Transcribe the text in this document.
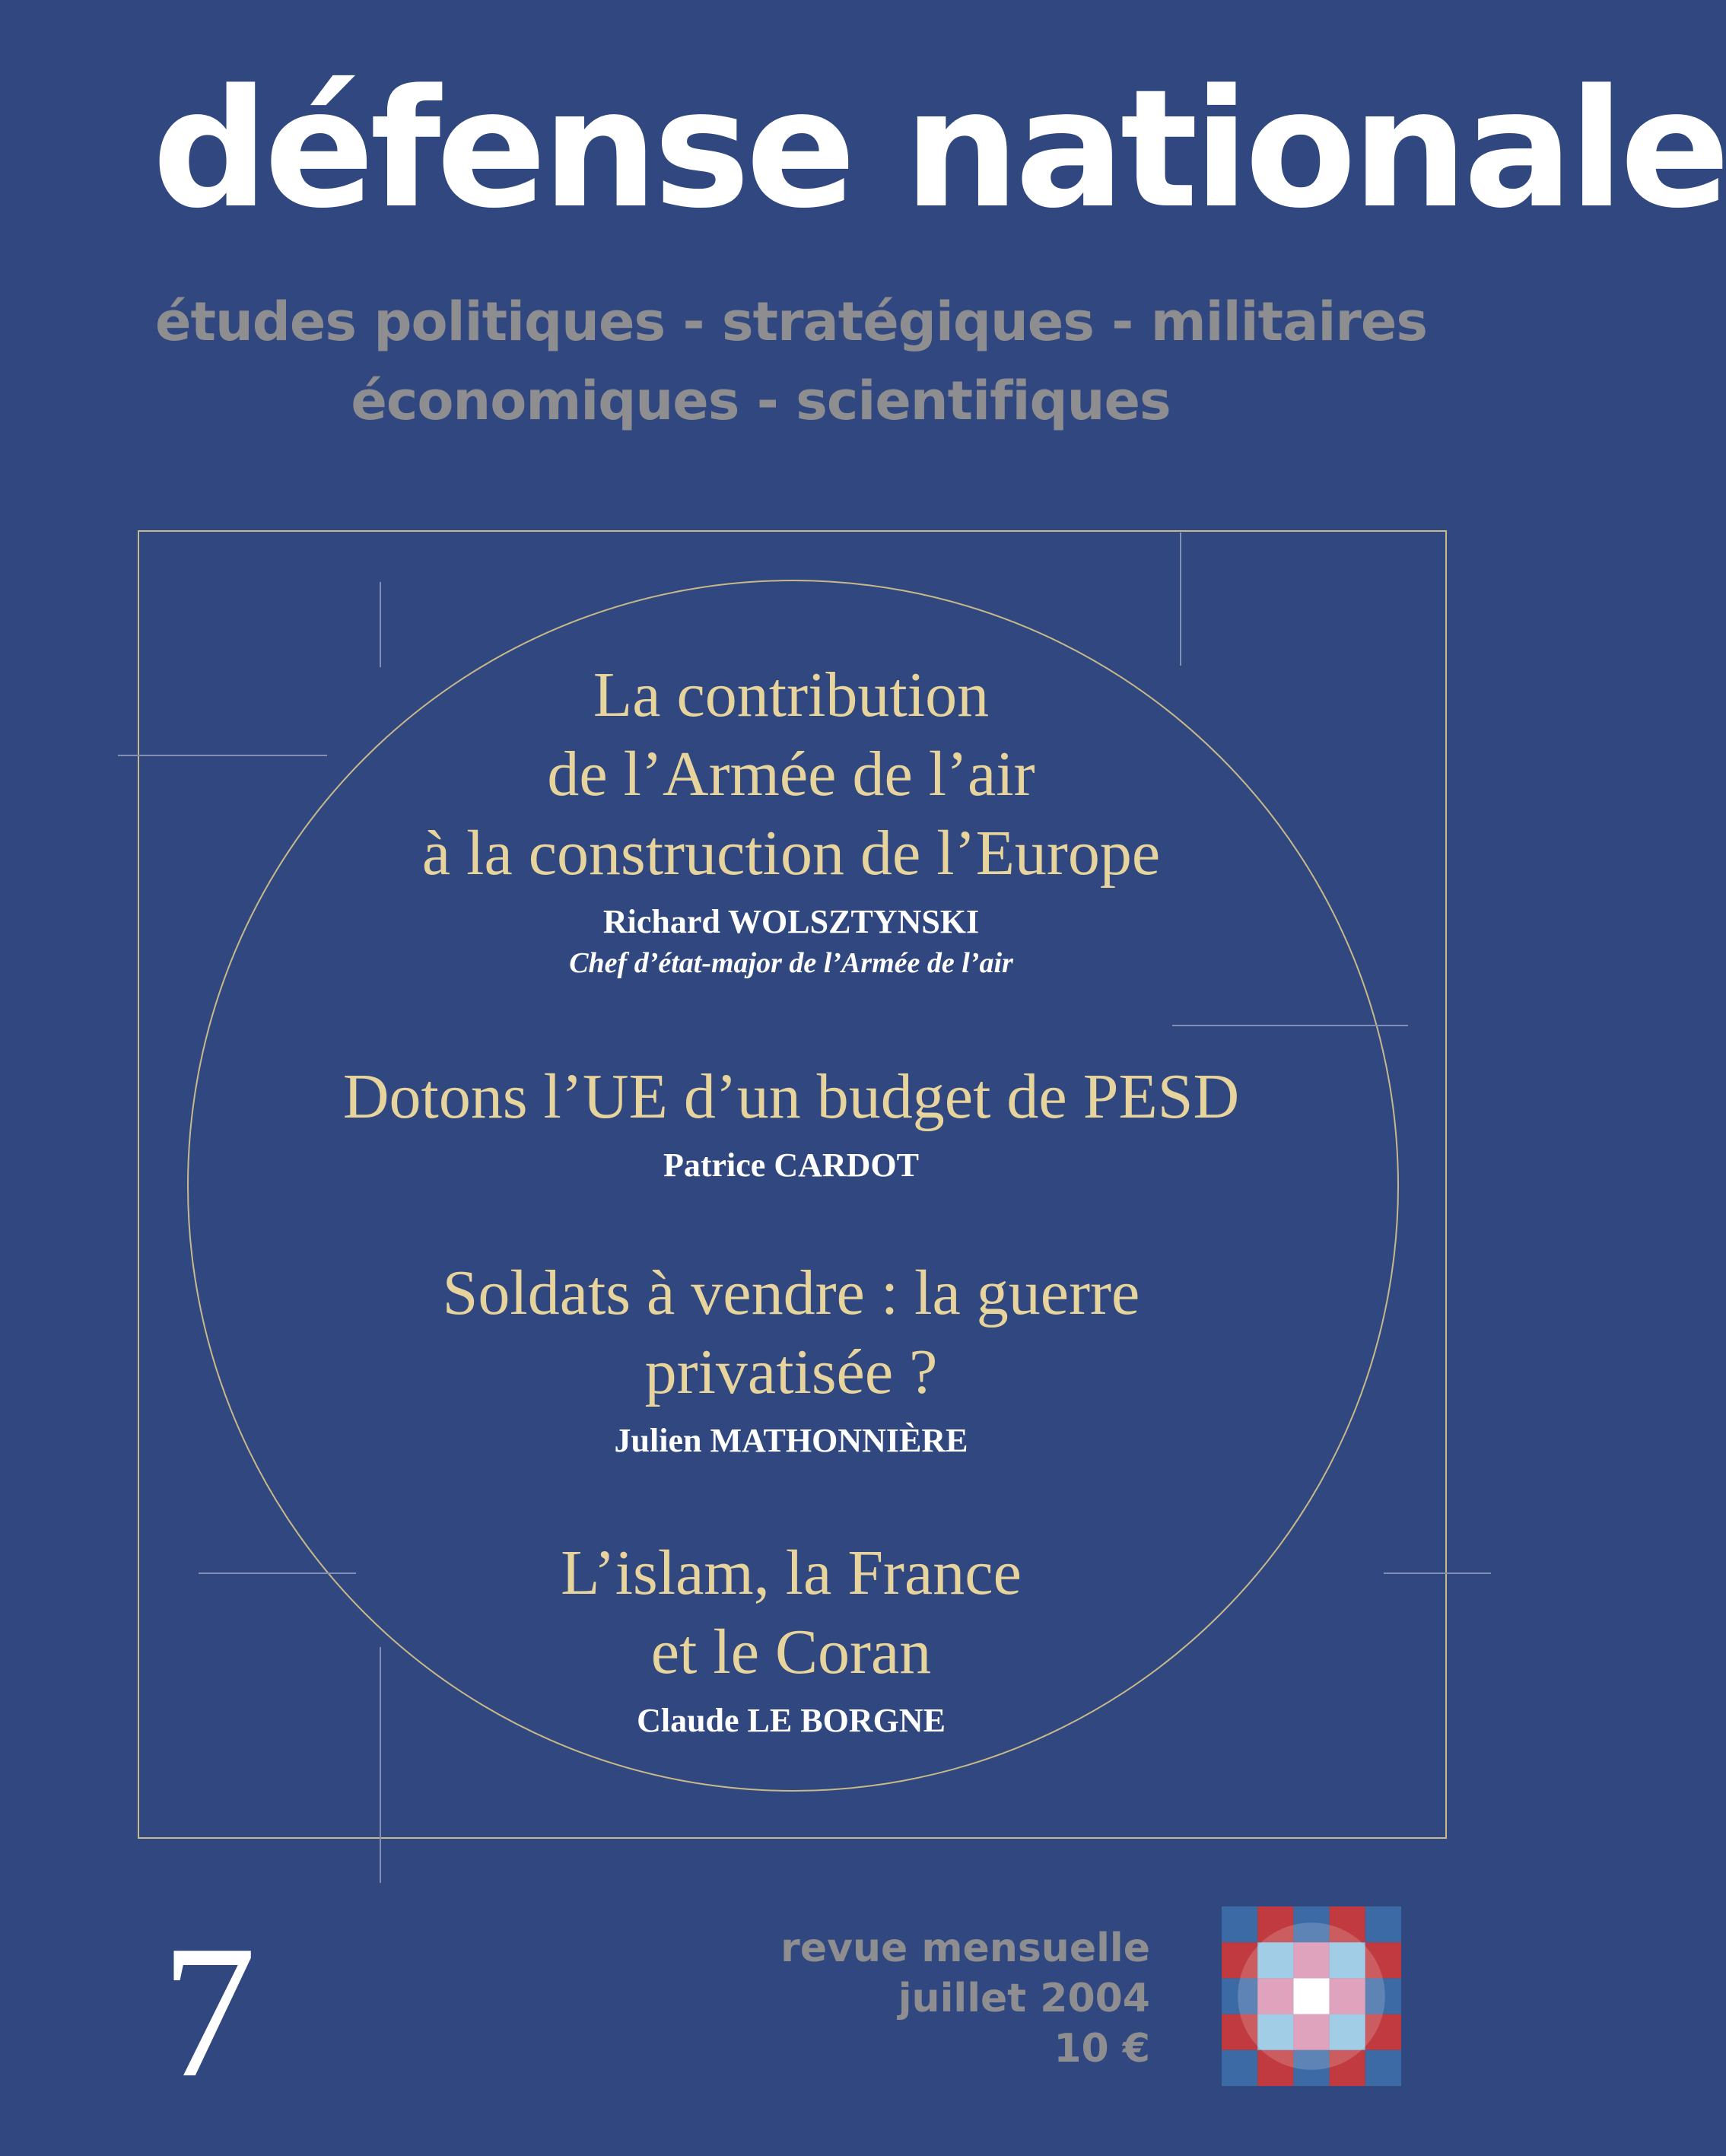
défense nationale
études politiques - stratégiques - militaires
économiques - scientifiques
La contribution
de l’Armée de l’air
à la construction de l’Europe
Richard WOLSZTYNSKI
Chef d’état-major de l’Armée de l’air
Dotons l’UE d’un budget de PESD
Patrice CARDOT
Soldats à vendre : la guerre
privatisée ?
Julien MATHONNIÈRE
L’islam, la France
et le Coran
Claude LE BORGNE
7	revue mensuelle
juillet 2004
10 €
